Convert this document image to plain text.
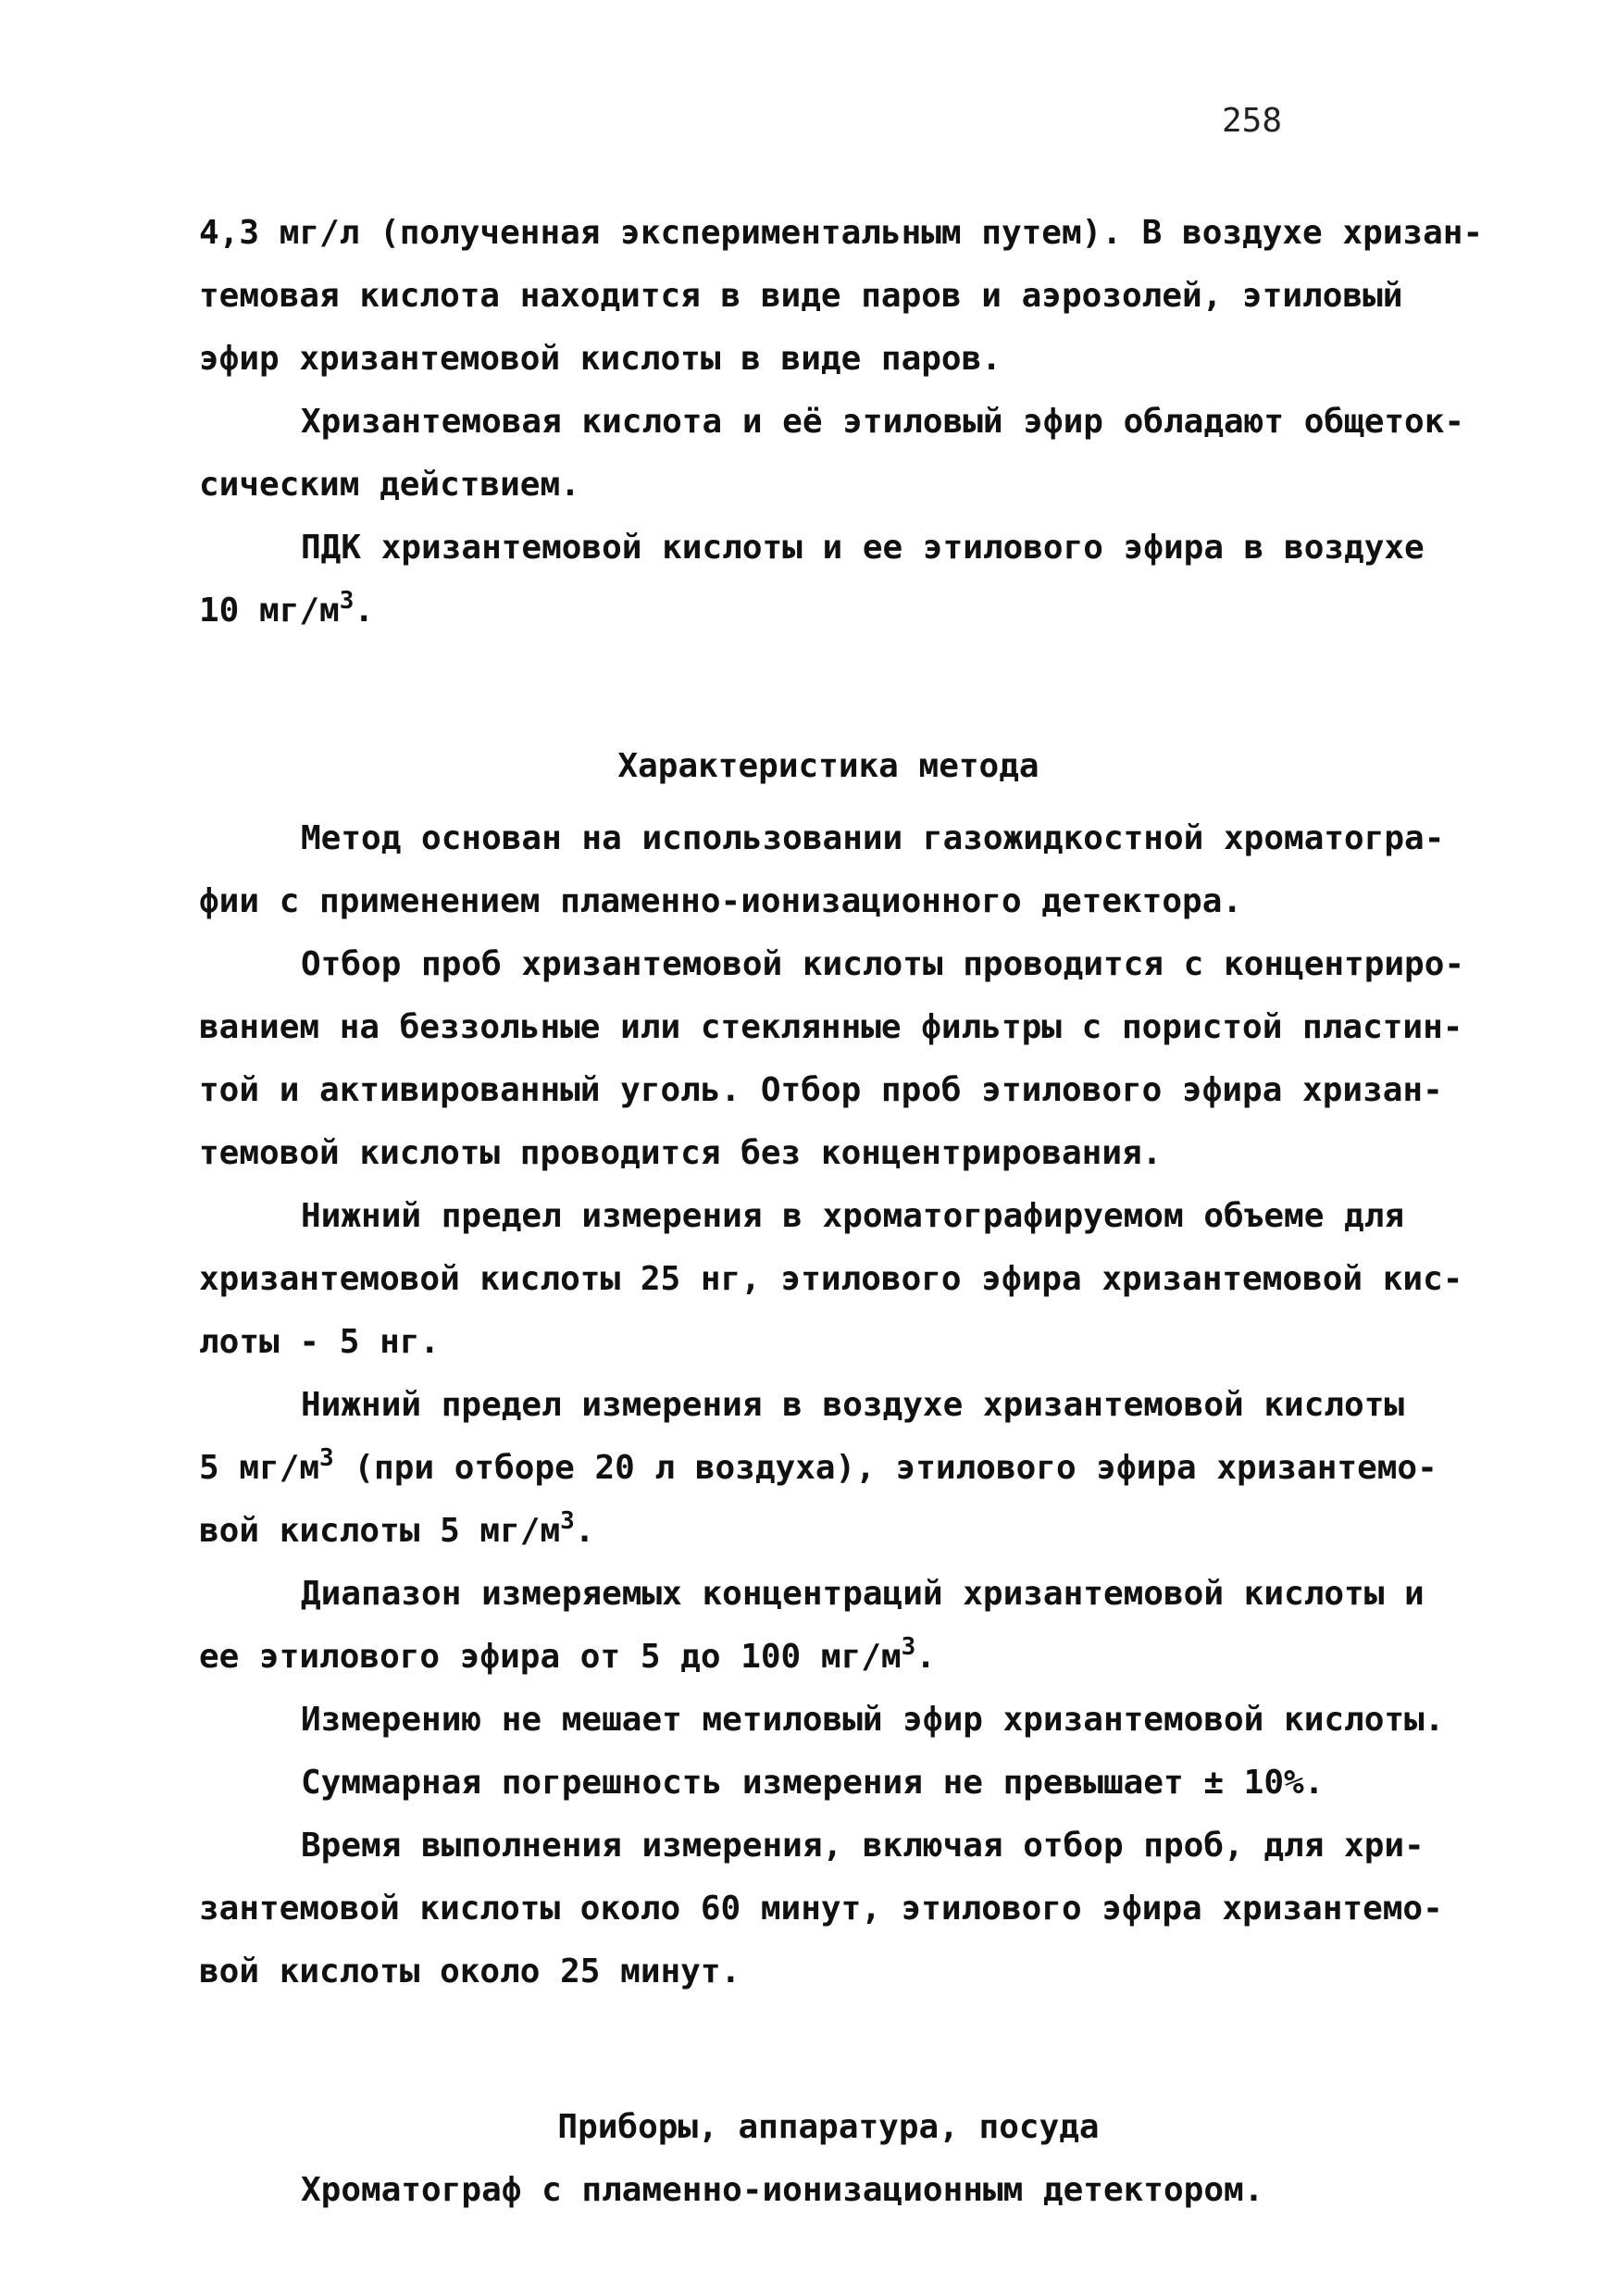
258

4,3 мг/л (полученная экспериментальным путем). В воздухе хризан-
темовая кислота находится в виде паров и аэрозолей, этиловый
эфир хризантемовой кислоты в виде паров.

Хризантемовая кислота и её этиловый эфир обладают общеток-
сическим действием.

ПДК хризантемовой кислоты и ее этилового эфира в воздухе
10 $мг/м^3$.

Характеристика метода

Метод основан на использовании газожидкостной хроматогра-
фии с применением пламенно-ионизационного детектора.

Отбор проб хризантемовой кислоты проводится с концентриро-
ванием на беззольные или стеклянные фильтры с пористой пластин-
той и активированный уголь. Отбор проб этилового эфира хризан-
темовой кислоты проводится без концентрирования.

Нижний предел измерения в хроматографируемом объеме для
хризантемовой кислоты 25 нг, этилового эфира хризантемовой кис-
лоты - 5 нг.

Нижний предел измерения в воздухе хризантемовой кислоты
5 $мг/м^3$ (при отборе 20 л воздуха), этилового эфира хризантемо-
вой кислоты 5 $мг/м^3$.

Диапазон измеряемых концентраций хризантемовой кислоты и
ее этилового эфира от 5 до 100 $мг/м^3$.

Измерению не мешает метиловый эфир хризантемовой кислоты.

Суммарная погрешность измерения не превышает ± 10%.

Время выполнения измерения, включая отбор проб, для хри-
зантемовой кислоты около 60 минут, этилового эфира хризантемо-
вой кислоты около 25 минут.

Приборы, аппаратура, посуда

Хроматограф с пламенно-ионизационным детектором.
